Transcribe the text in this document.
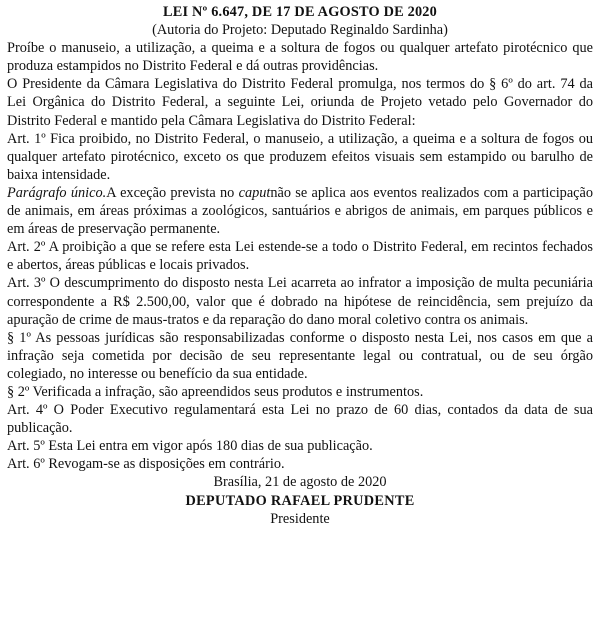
LEI Nº 6.647, DE 17 DE AGOSTO DE 2020

(Autoria do Projeto: Deputado Reginaldo Sardinha)

Proíbe o manuseio, a utilização, a queima e a soltura de fogos ou qualquer artefato pirotécnico que produza estampidos no Distrito Federal e dá outras providências.

O Presidente da Câmara Legislativa do Distrito Federal promulga, nos termos do § 6º do art. 74 da Lei Orgânica do Distrito Federal, a seguinte Lei, oriunda de Projeto vetado pelo Governador do Distrito Federal e mantido pela Câmara Legislativa do Distrito Federal:

Art. 1º Fica proibido, no Distrito Federal, o manuseio, a utilização, a queima e a soltura de fogos ou qualquer artefato pirotécnico, exceto os que produzem efeitos visuais sem estampido ou barulho de baixa intensidade.

Parágrafo único.A exceção prevista no caputnão se aplica aos eventos realizados com a participação de animais, em áreas próximas a zoológicos, santuários e abrigos de animais, em parques públicos e em áreas de preservação permanente.

Art. 2º A proibição a que se refere esta Lei estende-se a todo o Distrito Federal, em recintos fechados e abertos, áreas públicas e locais privados.

Art. 3º O descumprimento do disposto nesta Lei acarreta ao infrator a imposição de multa pecuniária correspondente a R$ 2.500,00, valor que é dobrado na hipótese de reincidência, sem prejuízo da apuração de crime de maus-tratos e da reparação do dano moral coletivo contra os animais.

§ 1º As pessoas jurídicas são responsabilizadas conforme o disposto nesta Lei, nos casos em que a infração seja cometida por decisão de seu representante legal ou contratual, ou de seu órgão colegiado, no interesse ou benefício da sua entidade.

§ 2º Verificada a infração, são apreendidos seus produtos e instrumentos.

Art. 4º O Poder Executivo regulamentará esta Lei no prazo de 60 dias, contados da data de sua publicação.

Art. 5º Esta Lei entra em vigor após 180 dias de sua publicação.

Art. 6º Revogam-se as disposições em contrário.

Brasília, 21 de agosto de 2020

DEPUTADO RAFAEL PRUDENTE

Presidente
